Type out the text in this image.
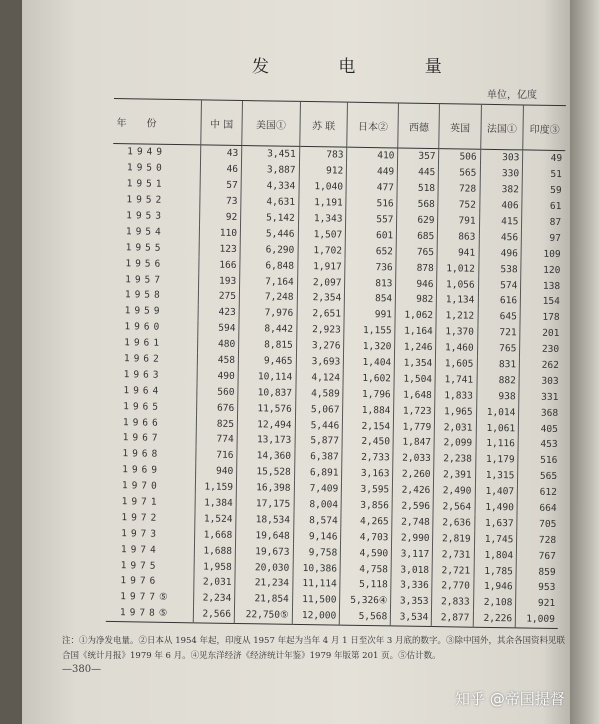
发 电 量
单位，亿度
年　　份	中 国	美国①	苏 联	日本②	西德	英国	法国①	印度③
1949	43	3,451	783	410	357	506	303	49
1950	46	3,887	912	449	445	565	330	51
1951	57	4,334	1,040	477	518	728	382	59
1952	73	4,631	1,191	516	568	752	406	61
1953	92	5,142	1,343	557	629	791	415	87
1954	110	5,446	1,507	601	685	863	456	97
1955	123	6,290	1,702	652	765	941	496	109
1956	166	6,848	1,917	736	878	1,012	538	120
1957	193	7,164	2,097	813	946	1,056	574	138
1958	275	7,248	2,354	854	982	1,134	616	154
1959	423	7,976	2,651	991	1,062	1,212	645	178
1960	594	8,442	2,923	1,155	1,164	1,370	721	201
1961	480	8,815	3,276	1,320	1,246	1,460	765	230
1962	458	9,465	3,693	1,404	1,354	1,605	831	262
1963	490	10,114	4,124	1,602	1,504	1,741	882	303
1964	560	10,837	4,589	1,796	1,648	1,833	938	331
1965	676	11,576	5,067	1,884	1,723	1,965	1,014	368
1966	825	12,494	5,446	2,154	1,779	2,031	1,061	405
1967	774	13,173	5,877	2,450	1,847	2,099	1,116	453
1968	716	14,360	6,387	2,733	2,033	2,238	1,179	516
1969	940	15,528	6,891	3,163	2,260	2,391	1,315	565
1970	1,159	16,398	7,409	3,595	2,426	2,490	1,407	612
1971	1,384	17,175	8,004	3,856	2,596	2,564	1,490	664
1972	1,524	18,534	8,574	4,265	2,748	2,636	1,637	705
1973	1,668	19,648	9,146	4,703	2,990	2,819	1,745	728
1974	1,688	19,673	9,758	4,590	3,117	2,731	1,804	767
1975	1,958	20,030	10,386	4,758	3,018	2,721	1,785	859
1976	2,031	21,234	11,114	5,118	3,336	2,770	1,946	953
1977⑤	2,234	21,854	11,500	5,326④	3,353	2,833	2,108	921
1978⑤	2,566	22,750⑤	12,000	5,568	3,534	2,877	2,226	1,009
注：①为净发电量。②日本从 1954 年起，印度从 1957 年起为当年 4 月 1 日至次年 3 月底的数字。③除中国外，其余各国资料见联合国《统计月报》1979 年 6 月。④见东洋经济《经济统计年鉴》1979 年版第 201 页。⑤估计数。
—380—
知乎 @帝国提督
